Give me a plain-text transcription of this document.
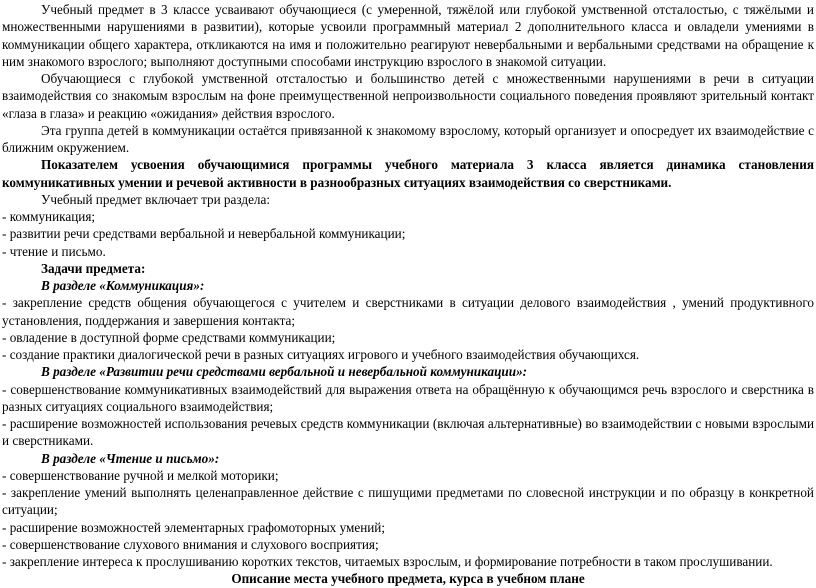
Учебный предмет в 3 классе усваивают обучающиеся (с умеренной, тяжёлой или глубокой умственной отсталостью, с тяжёлыми и множественными нарушениями в развитии), которые усвоили программный материал 2 дополнительного класса и овладели умениями в коммуникации общего характера, откликаются на имя и положительно реагируют невербальными и вербальными средствами на обращение к ним знакомого взрослого; выполняют доступными способами инструкцию взрослого в знакомой ситуации.

Обучающиеся с глубокой умственной отсталостью и большинство детей с множественными нарушениями в речи в ситуации взаимодействия со знакомым взрослым на фоне преимущественной непроизвольности социального поведения проявляют зрительный контакт «глаза в глаза» и реакцию «ожидания» действия взрослого.

Эта группа детей в коммуникации остаётся привязанной к знакомому взрослому, который организует и опосредует их взаимодействие с ближним окружением.

Показателем усвоения обучающимися программы учебного материала 3 класса является динамика становления коммуникативных умении и речевой активности в разнообразных ситуациях взаимодействия со сверстниками.

Учебный предмет включает три раздела:

- коммуникация;

- развитии речи средствами вербальной и невербальной коммуникации;

- чтение и письмо.

Задачи предмета:

В разделе «Коммуникация»:

- закрепление средств общения обучающегося с учителем и сверстниками в ситуации делового взаимодействия , умений продуктивного установления, поддержания и завершения контакта;

- овладение в доступной форме средствами коммуникации;

- создание практики диалогической речи в разных ситуациях игрового и учебного взаимодействия обучающихся.

В разделе «Развитии речи средствами вербальной и невербальной коммуникации»:

- совершенствование коммуникативных взаимодействий для выражения ответа на обращённую к обучающимся речь взрослого и сверстника в разных ситуациях социального взаимодействия;

- расширение возможностей использования речевых средств коммуникации (включая альтернативные) во взаимодействии с новыми взрослыми и сверстниками.

В разделе «Чтение и письмо»:

- совершенствование ручной и мелкой моторики;

- закрепление умений выполнять целенаправленное действие с пишущими предметами по словесной инструкции и по образцу в конкретной ситуации;

- расширение возможностей элементарных графомоторных умений;

- совершенствование слухового внимания и слухового восприятия;

- закрепление интереса к прослушиванию коротких текстов, читаемых взрослым, и формирование потребности в таком прослушивании.

Описание места учебного предмета, курса в учебном плане
